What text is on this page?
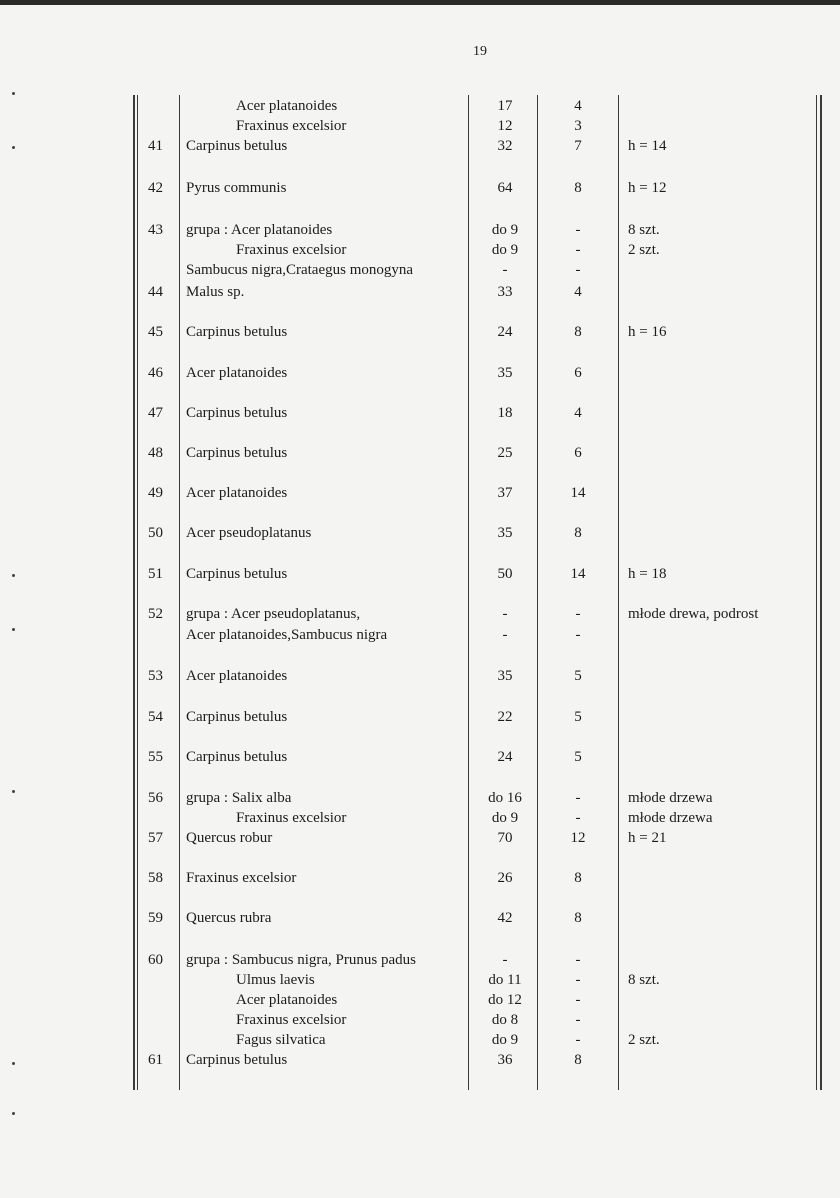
19
Acer platanoides	17	4
Fraxinus excelsior	12	3
41 Carpinus betulus	32	7	h = 14
42 Pyrus communis	64	8	h = 12
43 grupa : Acer platanoides	do 9	-	8 szt.
Fraxinus excelsior	do 9	-	2 szt.
Sambucus nigra,Crataegus monogyna	-	-
44 Malus sp.	33	4
45 Carpinus betulus	24	8	h = 16
46 Acer platanoides	35	6
47 Carpinus betulus	18	4
48 Carpinus betulus	25	6
49 Acer platanoides	37	14
50 Acer pseudoplatanus	35	8
51 Carpinus betulus	50	14	h = 18
52 grupa : Acer pseudoplatanus,	-	-	młode drewa, podrost
Acer platanoides,Sambucus nigra	-	-
53 Acer platanoides	35	5
54 Carpinus betulus	22	5
55 Carpinus betulus	24	5
56 grupa : Salix alba	do 16	-	młode drzewa
Fraxinus excelsior	do 9	-	młode drzewa
57 Quercus robur	70	12	h = 21
58 Fraxinus excelsior	26	8
59 Quercus rubra	42	8
60 grupa : Sambucus nigra, Prunus padus	-	-
Ulmus laevis	do 11	-	8 szt.
Acer platanoides	do 12	-
Fraxinus excelsior	do 8	-
Fagus silvatica	do 9	-	2 szt.
61 Carpinus betulus	36	8
